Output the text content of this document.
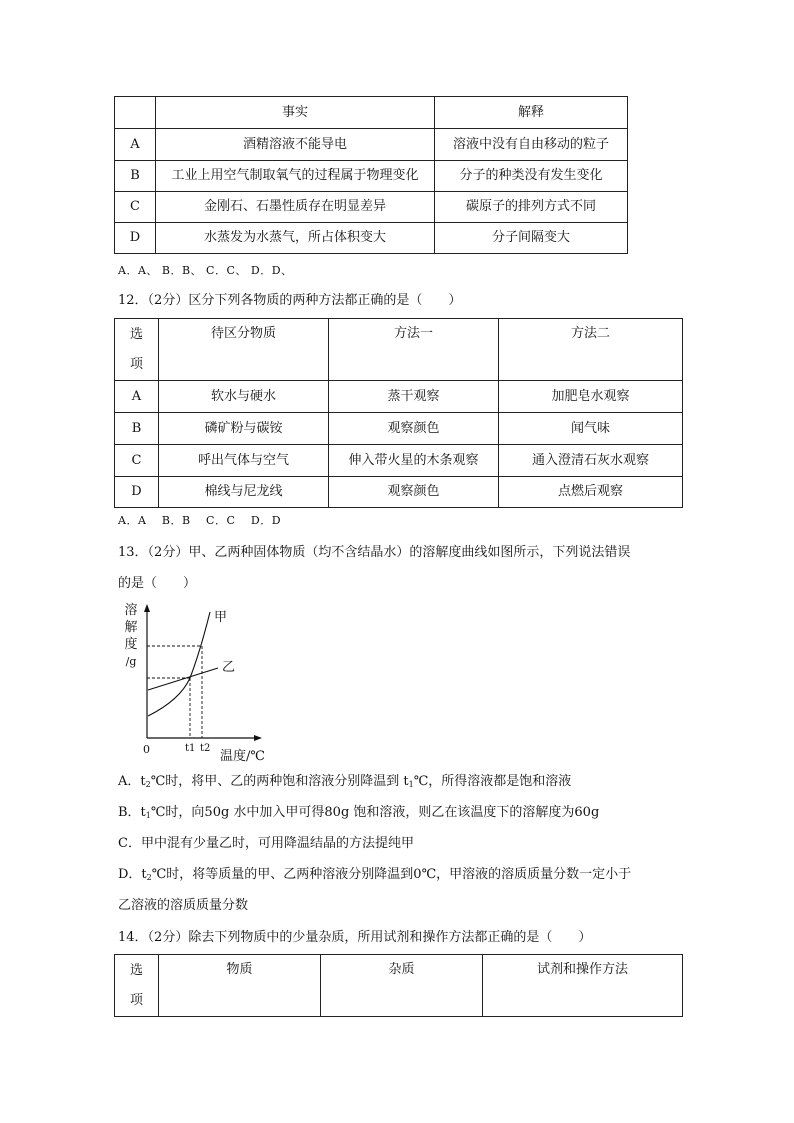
	事实	解释
A	酒精溶液不能导电	溶液中没有自由移动的粒子
B	工业上用空气制取氧气的过程属于物理变化	分子的种类没有发生变化
C	金刚石、石墨性质存在明显差异	碳原子的排列方式不同
D	水蒸发为水蒸气，所占体积变大	分子间隔变大
A．A、 B．B、 C．C、 D．D、
12．（2分）区分下列各物质的两种方法都正确的是（　　）
选
项	待区分物质	方法一	方法二
A	软水与硬水	蒸干观察	加肥皂水观察
B	磷矿粉与碳铵	观察颜色	闻气味
C	呼出气体与空气	伸入带火星的木条观察	通入澄清石灰水观察
D	棉线与尼龙线	观察颜色	点燃后观察
A．A　 B．B　 C．C　 D．D
13．（2分）甲、乙两种固体物质（均不含结晶水）的溶解度曲线如图所示，下列说法错误
的是（　　）
溶
解
度
/g
甲
乙
0	t1 t2
温度/℃
A．$t_2℃$时，将甲、乙的两种饱和溶液分别降温到 $t_1℃$，所得溶液都是饱和溶液
B．$t_1℃$时，向50g 水中加入甲可得80g 饱和溶液，则乙在该温度下的溶解度为60g
C．甲中混有少量乙时，可用降温结晶的方法提纯甲
D．$t_2℃$时，将等质量的甲、乙两种溶液分别降温到0℃，甲溶液的溶质质量分数一定小于
乙溶液的溶质质量分数
14．（2分）除去下列物质中的少量杂质，所用试剂和操作方法都正确的是（　　）
选
项
	物质	杂质	试剂和操作方法
